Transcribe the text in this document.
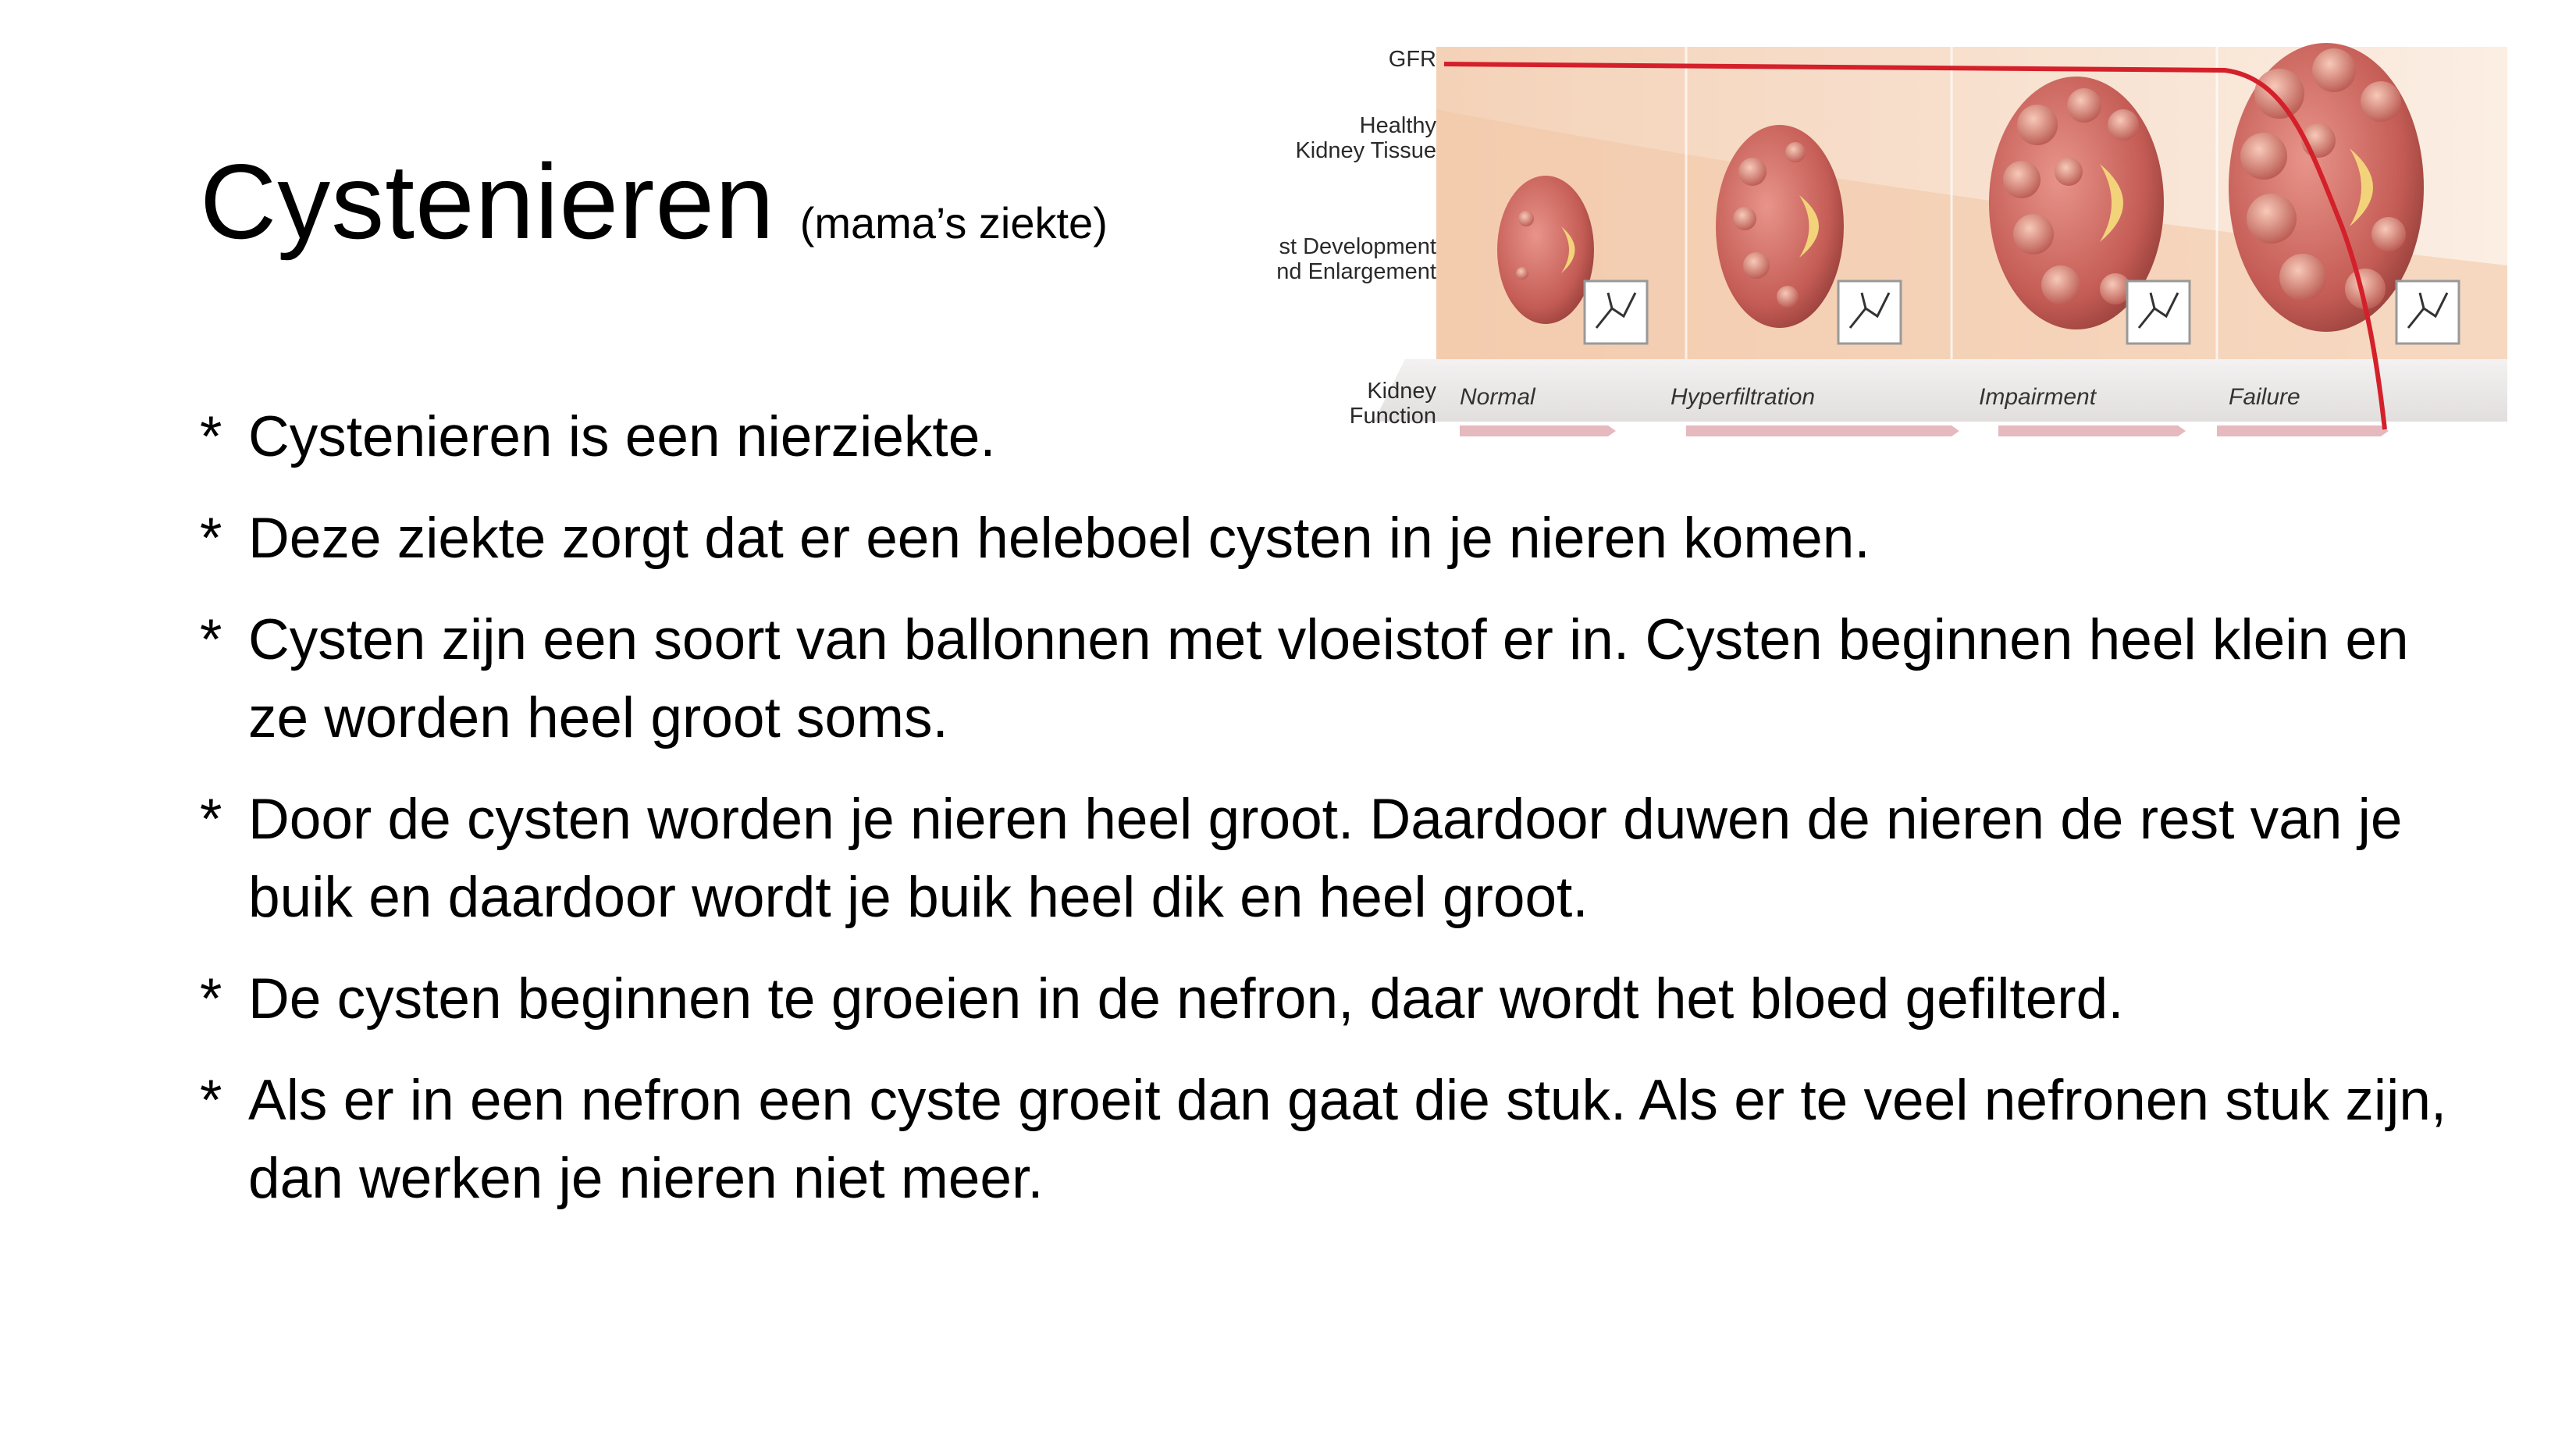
Cystenieren (mama’s ziekte)
* Cystenieren is een nierziekte.
* Deze ziekte zorgt dat er een heleboel cysten in je nieren komen.
* Cysten zijn een soort van ballonnen met vloeistof er in. Cysten beginnen heel klein en ze worden heel groot soms.
* Door de cysten worden je nieren heel groot. Daardoor duwen de nieren de rest van je buik en daardoor wordt je buik heel dik en heel groot.
* De cysten beginnen te groeien in de nefron, daar wordt het bloed gefilterd.
* Als er in een nefron een cyste groeit dan gaat die stuk. Als er te veel nefronen stuk zijn, dan werken je nieren niet meer.
GFR
Healthy
Kidney Tissue
st Development
nd Enlargement
Kidney
Function
Normal	Hyperfiltration	Impairment	Failure
